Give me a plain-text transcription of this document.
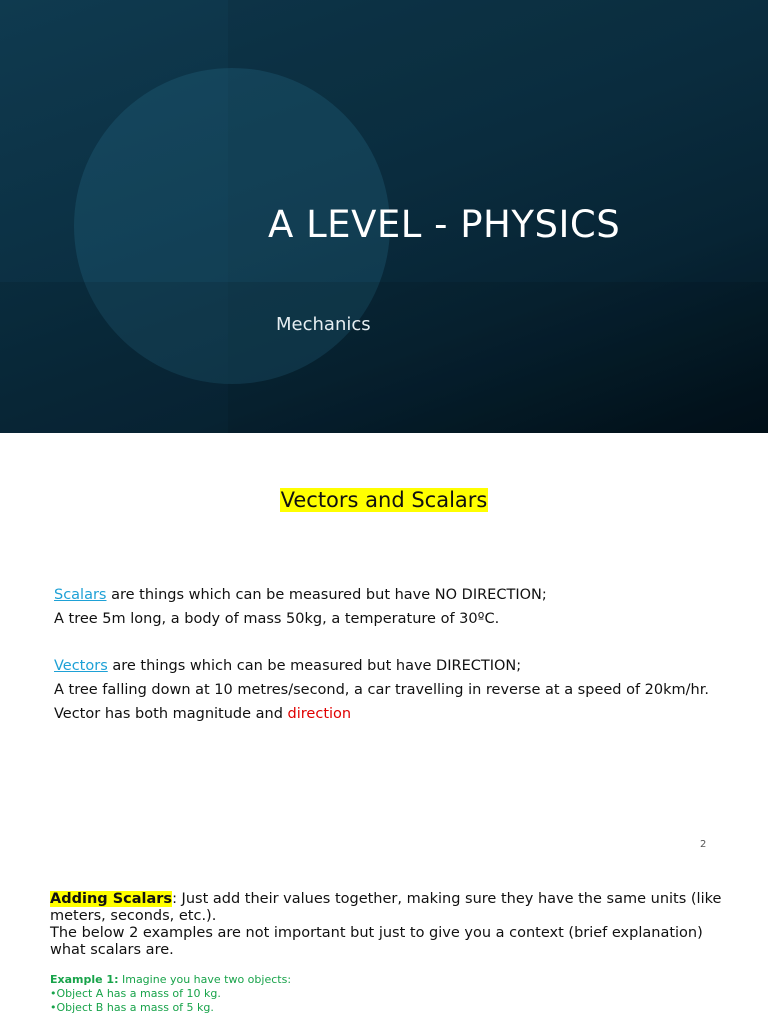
A LEVEL - PHYSICS
Mechanics
Vectors and Scalars
Scalars are things which can be measured but have NO DIRECTION;
A tree 5m long, a body of mass 50kg, a temperature of 30ºC.
Vectors are things which can be measured but have DIRECTION;
A tree falling down at 10 metres/second, a car travelling in reverse at a speed of 20km/hr.
Vector has both magnitude and direction
2
Adding Scalars: Just add their values together, making sure they have the same units (like meters, seconds, etc.).
The below 2 examples are not important but just to give you a context (brief explanation) what scalars are.
Example 1: Imagine you have two objects:
•Object A has a mass of 10 kg.
•Object B has a mass of 5 kg.
